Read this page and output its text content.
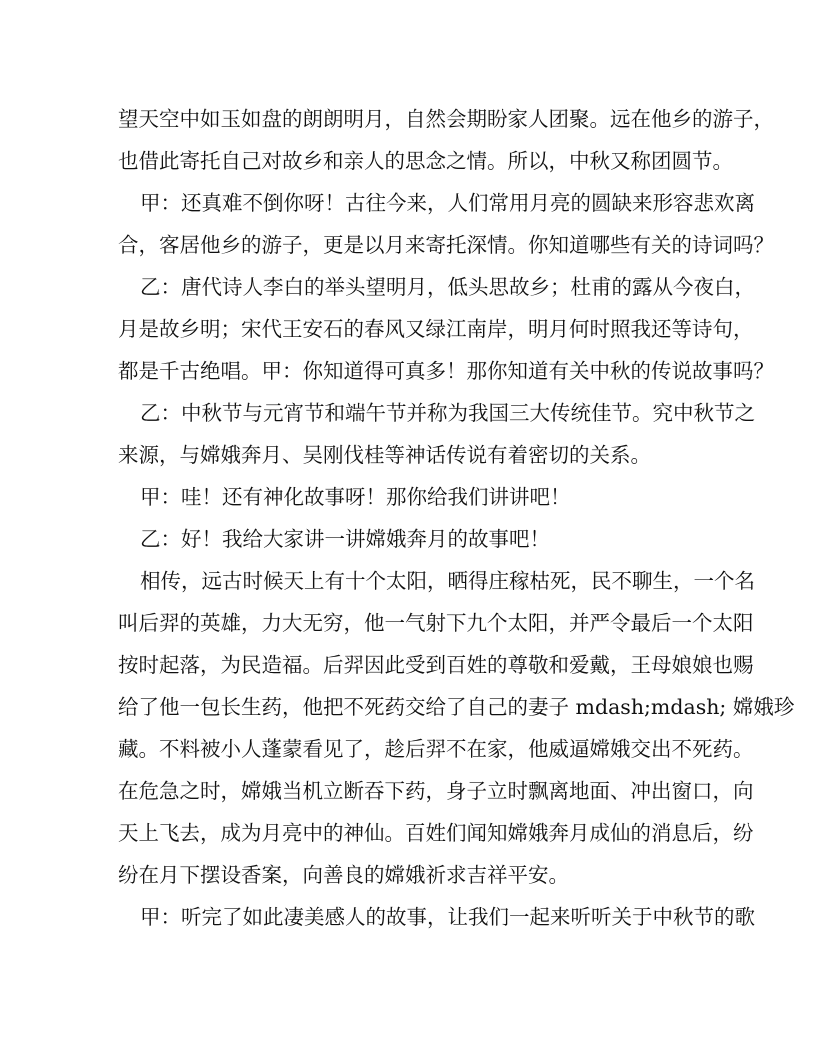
望天空中如玉如盘的朗朗明月，自然会期盼家人团聚。远在他乡的游子，
也借此寄托自己对故乡和亲人的思念之情。所以，中秋又称团圆节。
甲：还真难不倒你呀！古往今来，人们常用月亮的圆缺来形容悲欢离
合，客居他乡的游子，更是以月来寄托深情。你知道哪些有关的诗词吗？
乙：唐代诗人李白的举头望明月，低头思故乡；杜甫的露从今夜白，
月是故乡明；宋代王安石的春风又绿江南岸，明月何时照我还等诗句，
都是千古绝唱。甲：你知道得可真多！那你知道有关中秋的传说故事吗？
乙：中秋节与元宵节和端午节并称为我国三大传统佳节。究中秋节之
来源，与嫦娥奔月、吴刚伐桂等神话传说有着密切的关系。
甲：哇！还有神化故事呀！那你给我们讲讲吧！
乙：好！我给大家讲一讲嫦娥奔月的故事吧！
相传，远古时候天上有十个太阳，晒得庄稼枯死，民不聊生，一个名
叫后羿的英雄，力大无穷，他一气射下九个太阳，并严令最后一个太阳
按时起落，为民造福。后羿因此受到百姓的尊敬和爱戴，王母娘娘也赐
给了他一包长生药，他把不死药交给了自己的妻子 mdash;mdash; 嫦娥珍
藏。不料被小人蓬蒙看见了，趁后羿不在家，他威逼嫦娥交出不死药。
在危急之时，嫦娥当机立断吞下药，身子立时飘离地面、冲出窗口，向
天上飞去，成为月亮中的神仙。百姓们闻知嫦娥奔月成仙的消息后，纷
纷在月下摆设香案，向善良的嫦娥祈求吉祥平安。
甲：听完了如此凄美感人的故事，让我们一起来听听关于中秋节的歌
